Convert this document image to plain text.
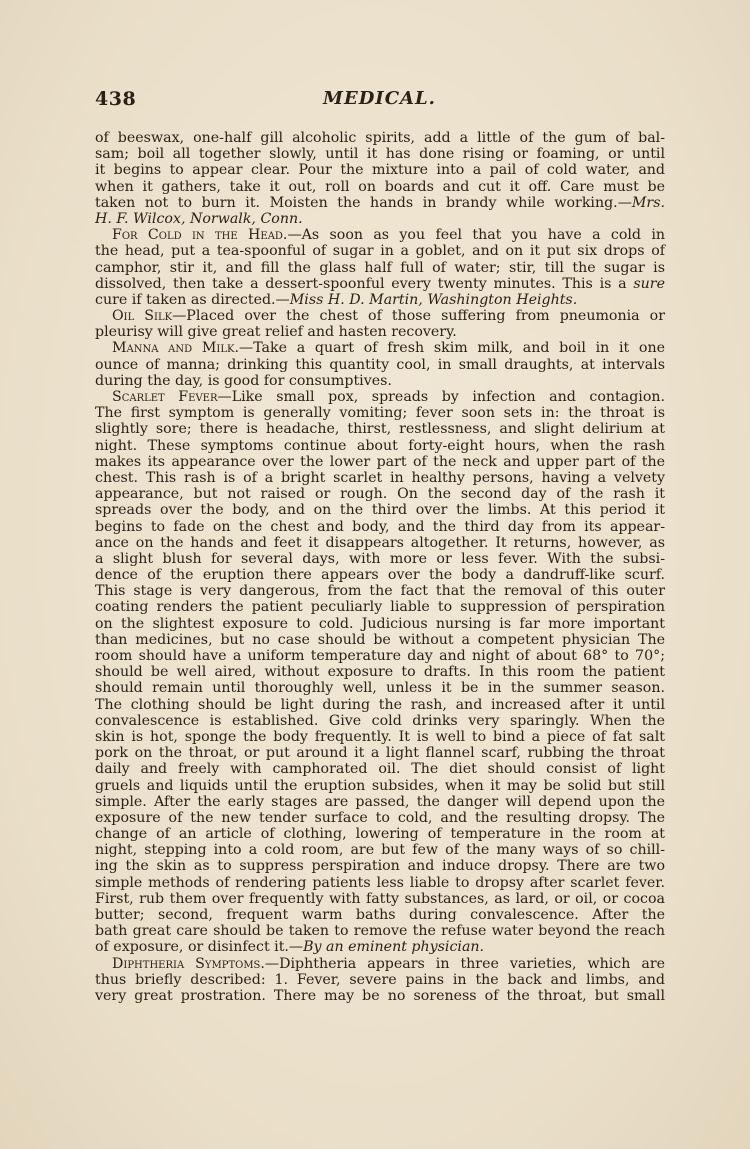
438	MEDICAL.
of beeswax, one-half gill alcoholic spirits, add a little of the gum of bal-
sam; boil all together slowly, until it has done rising or foaming, or until
it begins to appear clear. Pour the mixture into a pail of cold water, and
when it gathers, take it out, roll on boards and cut it off. Care must be
taken not to burn it. Moisten the hands in brandy while working.—Mrs.
H. F. Wilcox, Norwalk, Conn.
For Cold in the Head.—As soon as you feel that you have a cold in
the head, put a tea-spoonful of sugar in a goblet, and on it put six drops of
camphor, stir it, and fill the glass half full of water; stir, till the sugar is
dissolved, then take a dessert-spoonful every twenty minutes. This is a sure
cure if taken as directed.—Miss H. D. Martin, Washington Heights.
Oil Silk—Placed over the chest of those suffering from pneumonia or
pleurisy will give great relief and hasten recovery.
Manna and Milk.—Take a quart of fresh skim milk, and boil in it one
ounce of manna; drinking this quantity cool, in small draughts, at intervals
during the day, is good for consumptives.
Scarlet Fever—Like small pox, spreads by infection and contagion.
The first symptom is generally vomiting; fever soon sets in: the throat is
slightly sore; there is headache, thirst, restlessness, and slight delirium at
night. These symptoms continue about forty-eight hours, when the rash
makes its appearance over the lower part of the neck and upper part of the
chest. This rash is of a bright scarlet in healthy persons, having a velvety
appearance, but not raised or rough. On the second day of the rash it
spreads over the body, and on the third over the limbs. At this period it
begins to fade on the chest and body, and the third day from its appear-
ance on the hands and feet it disappears altogether. It returns, however, as
a slight blush for several days, with more or less fever. With the subsi-
dence of the eruption there appears over the body a dandruff-like scurf.
This stage is very dangerous, from the fact that the removal of this outer
coating renders the patient peculiarly liable to suppression of perspiration
on the slightest exposure to cold. Judicious nursing is far more important
than medicines, but no case should be without a competent physician The
room should have a uniform temperature day and night of about 68° to 70°;
should be well aired, without exposure to drafts. In this room the patient
should remain until thoroughly well, unless it be in the summer season.
The clothing should be light during the rash, and increased after it until
convalescence is established. Give cold drinks very sparingly. When the
skin is hot, sponge the body frequently. It is well to bind a piece of fat salt
pork on the throat, or put around it a light flannel scarf, rubbing the throat
daily and freely with camphorated oil. The diet should consist of light
gruels and liquids until the eruption subsides, when it may be solid but still
simple. After the early stages are passed, the danger will depend upon the
exposure of the new tender surface to cold, and the resulting dropsy. The
change of an article of clothing, lowering of temperature in the room at
night, stepping into a cold room, are but few of the many ways of so chill-
ing the skin as to suppress perspiration and induce dropsy. There are two
simple methods of rendering patients less liable to dropsy after scarlet fever.
First, rub them over frequently with fatty substances, as lard, or oil, or cocoa
butter; second, frequent warm baths during convalescence. After the
bath great care should be taken to remove the refuse water beyond the reach
of exposure, or disinfect it.—By an eminent physician.
Diphtheria Symptoms.—Diphtheria appears in three varieties, which are
thus briefly described: 1. Fever, severe pains in the back and limbs, and
very great prostration. There may be no soreness of the throat, but small
